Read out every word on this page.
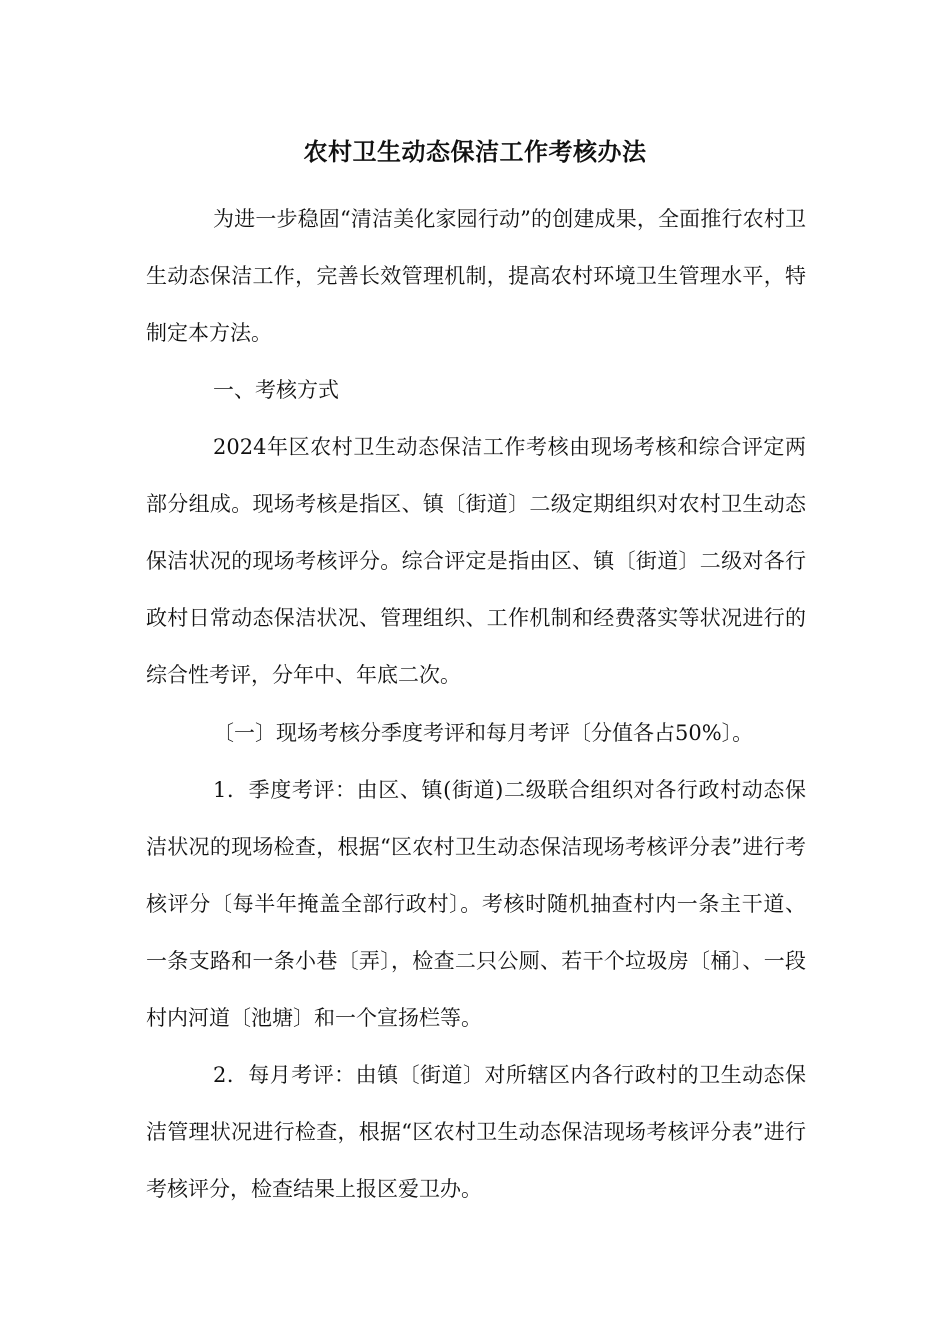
农村卫生动态保洁工作考核办法

为进一步稳固“清洁美化家园行动”的创建成果，全面推行农村卫生动态保洁工作，完善长效管理机制，提高农村环境卫生管理水平，特制定本方法。

一、考核方式

2024年区农村卫生动态保洁工作考核由现场考核和综合评定两部分组成。现场考核是指区、镇〔街道〕二级定期组织对农村卫生动态保洁状况的现场考核评分。综合评定是指由区、镇〔街道〕二级对各行政村日常动态保洁状况、管理组织、工作机制和经费落实等状况进行的综合性考评，分年中、年底二次。

〔一〕现场考核分季度考评和每月考评〔分值各占50%〕。

1．季度考评：由区、镇(街道)二级联合组织对各行政村动态保洁状况的现场检查，根据“区农村卫生动态保洁现场考核评分表”进行考核评分〔每半年掩盖全部行政村〕。考核时随机抽查村内一条主干道、一条支路和一条小巷〔弄〕，检查二只公厕、若干个垃圾房〔桶〕、一段村内河道〔池塘〕和一个宣扬栏等。

2．每月考评：由镇〔街道〕对所辖区内各行政村的卫生动态保洁管理状况进行检查，根据“区农村卫生动态保洁现场考核评分表”进行考核评分，检查结果上报区爱卫办。
